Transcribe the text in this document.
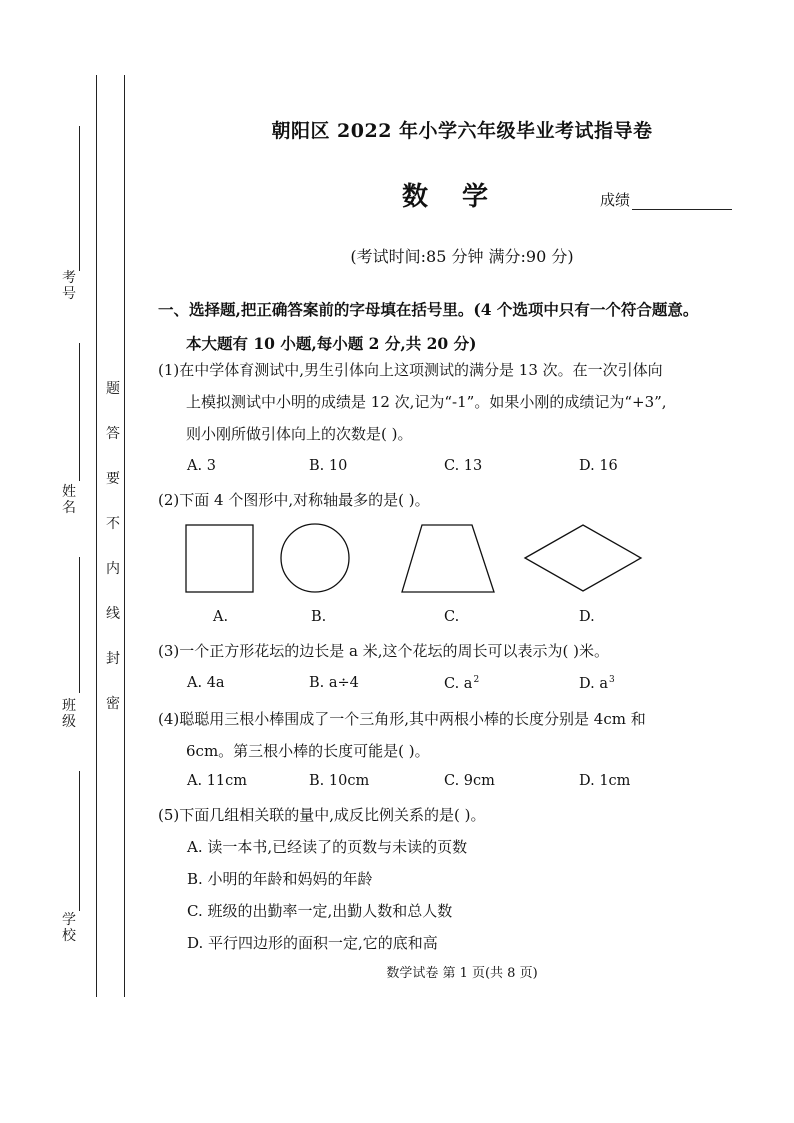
考号
姓名
班级
学校
题
答
要
不
内
线
封
密
朝阳区 2022 年小学六年级毕业考试指导卷
数 学	成绩
(考试时间:85 分钟 满分:90 分)
一、选择题,把正确答案前的字母填在括号里。(4 个选项中只有一个符合题意。
本大题有 10 小题,每小题 2 分,共 20 分)
(1)在中学体育测试中,男生引体向上这项测试的满分是 13 次。在一次引体向
上模拟测试中小明的成绩是 12 次,记为“-1”。如果小刚的成绩记为“+3”,
则小刚所做引体向上的次数是( )。
A. 3	B. 10	C. 13	D. 16
(2)下面 4 个图形中,对称轴最多的是( )。
A.	B.	C.	D.
(3)一个正方形花坛的边长是 a 米,这个花坛的周长可以表示为( )米。
A. 4a	B. a÷4	C. $a^2$	D. $a^3$
(4)聪聪用三根小棒围成了一个三角形,其中两根小棒的长度分别是 4cm 和
6cm。第三根小棒的长度可能是( )。
A. 11cm	B. 10cm	C. 9cm	D. 1cm
(5)下面几组相关联的量中,成反比例关系的是( )。
A. 读一本书,已经读了的页数与未读的页数
B. 小明的年龄和妈妈的年龄
C. 班级的出勤率一定,出勤人数和总人数
D. 平行四边形的面积一定,它的底和高
数学试卷 第 1 页(共 8 页)
